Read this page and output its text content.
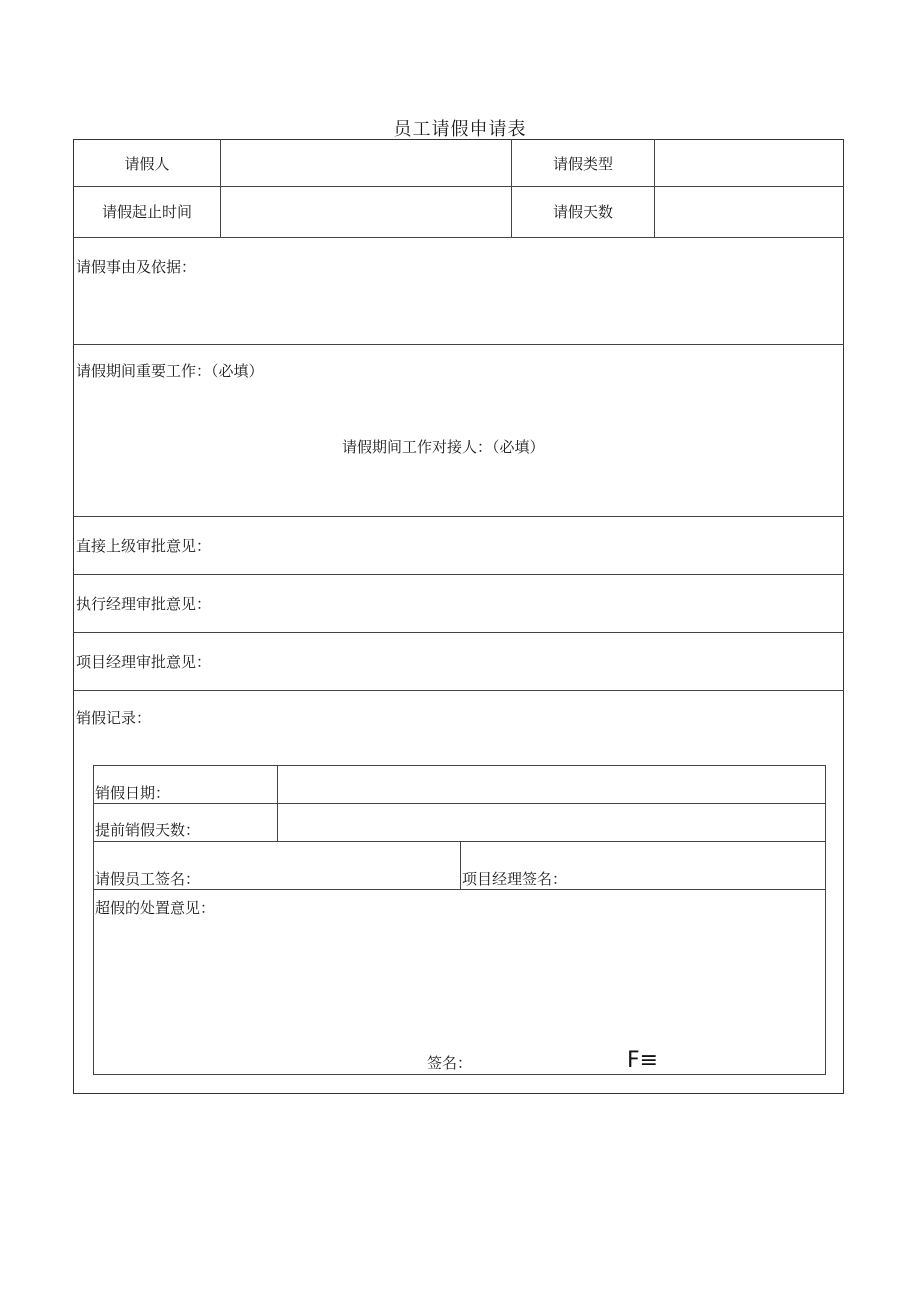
员工请假申请表
请假人	请假类型
请假起止时间	请假天数
请假事由及依据：
请假期间重要工作：（必填）
请假期间工作对接人：（必填）
直接上级审批意见：
执行经理审批意见：
项目经理审批意见：
销假记录：
销假日期：
提前销假天数：
请假员工签名：	项目经理签名：
超假的处置意见：
签名：	F≡
